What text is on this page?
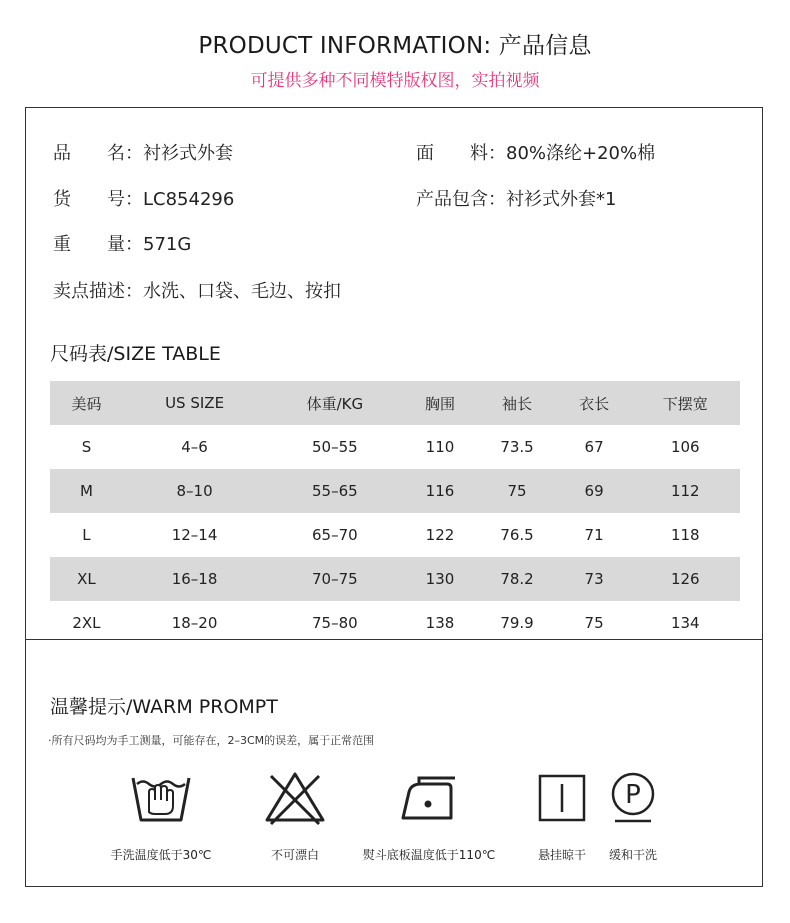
PRODUCT INFORMATION: 产品信息
可提供多种不同模特版权图，实拍视频
品　　名：衬衫式外套	面　　料：80%涤纶+20%棉
货　　号：LC854296	产品包含：衬衫式外套*1
重　　量：571G
卖点描述：水洗、口袋、毛边、按扣
尺码表/SIZE TABLE
美码	US SIZE	体重/KG	胸围	袖长	衣长	下摆宽
S	4–6	50–55	110	73.5	67	106
M	8–10	55–65	116	75	69	112
L	12–14	65–70	122	76.5	71	118
XL	16–18	70–75	130	78.2	73	126
2XL	18–20	75–80	138	79.9	75	134
温馨提示/WARM PROMPT
·所有尺码均为手工测量，可能存在，2–3CM的误差，属于正常范围
手洗温度低于30℃	不可漂白	熨斗底板温度低于110℃	悬挂晾干
P
缓和干洗
